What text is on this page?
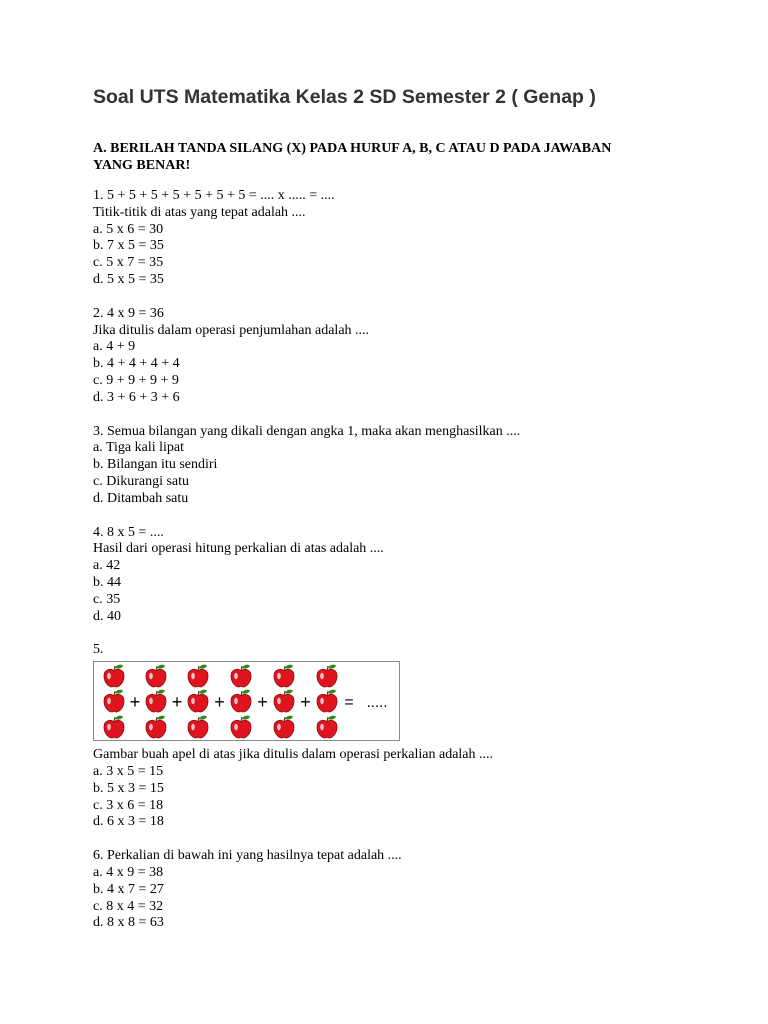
Soal UTS Matematika Kelas 2 SD Semester 2 ( Genap )

A. BERILAH TANDA SILANG (X) PADA HURUF A, B, C ATAU D PADA JAWABAN YANG BENAR!

1. 5 + 5 + 5 + 5 + 5 + 5 + 5 = .... x ..... = ....
Titik-titik di atas yang tepat adalah ....
a. 5 x 6 = 30
b. 7 x 5 = 35
c. 5 x 7 = 35
d. 5 x 5 = 35
2. 4 x 9 = 36
Jika ditulis dalam operasi penjumlahan adalah ....
a. 4 + 9
b. 4 + 4 + 4 + 4
c. 9 + 9 + 9 + 9
d. 3 + 6 + 3 + 6
3. Semua bilangan yang dikali dengan angka 1, maka akan menghasilkan ....
a. Tiga kali lipat
b. Bilangan itu sendiri
c. Dikurangi satu
d. Ditambah satu
4. 8 x 5 = ....
Hasil dari operasi hitung perkalian di atas adalah ....
a. 42
b. 44
c. 35
d. 40
5.
+ + + + + = .....
Gambar buah apel di atas jika ditulis dalam operasi perkalian adalah ....
a. 3 x 5 = 15
b. 5 x 3 = 15
c. 3 x 6 = 18
d. 6 x 3 = 18
6. Perkalian di bawah ini yang hasilnya tepat adalah ....
a. 4 x 9 = 38
b. 4 x 7 = 27
c. 8 x 4 = 32
d. 8 x 8 = 63
